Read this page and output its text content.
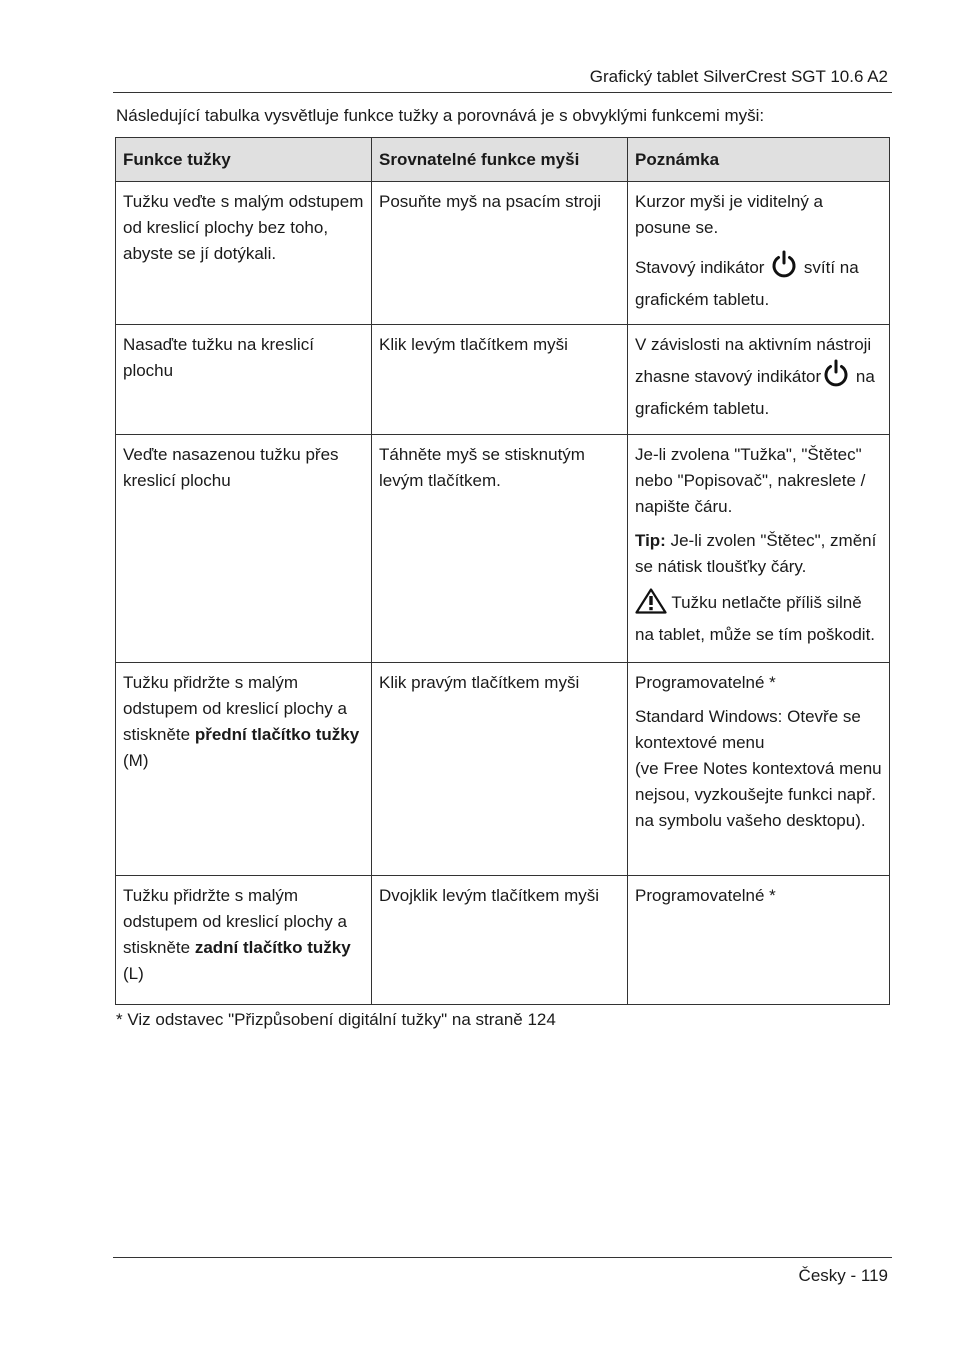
Grafický tablet SilverCrest SGT 10.6 A2
Následující tabulka vysvětluje funkce tužky a porovnává je s obvyklými funkcemi myši:
Funkce tužky	Srovnatelné funkce myši	Poznámka
Tužku veďte s malým odstupem od kreslicí plochy bez toho, abyste se jí dotýkali.	Posuňte myš na psacím stroji	Kurzor myši je viditelný a posune se.

Stavový indikátor  svítí na grafickém tabletu.

Nasaďte tužku na kreslicí plochu	Klik levým tlačítkem myši	V závislosti na aktivním nástroji zhasne stavový indikátor na grafickém tabletu.

Veďte nasazenou tužku přes kreslicí plochu	Táhněte myš se stisknutým levým tlačítkem.	Je-li zvolena "Tužka", "Štětec" nebo "Popisovač", nakreslete / napište čáru.

Tip: Je-li zvolen "Štětec", změní se nátisk tloušťky čáry.

Tužku netlačte příliš silně na tablet, může se tím poškodit.

Tužku přidržte s malým odstupem od kreslicí plochy a stiskněte přední tlačítko tužky (M)	Klik pravým tlačítkem myši	Programovatelné *

Standard Windows: Otevře se kontextové menu
(ve Free Notes kontextová menu nejsou, vyzkoušejte funkci např. na symbolu vašeho desktopu).

Tužku přidržte s malým odstupem od kreslicí plochy a stiskněte zadní tlačítko tužky (L)	Dvojklik levým tlačítkem myši	Programovatelné *

* Viz odstavec "Přizpůsobení digitální tužky" na straně 124
Česky - 119
